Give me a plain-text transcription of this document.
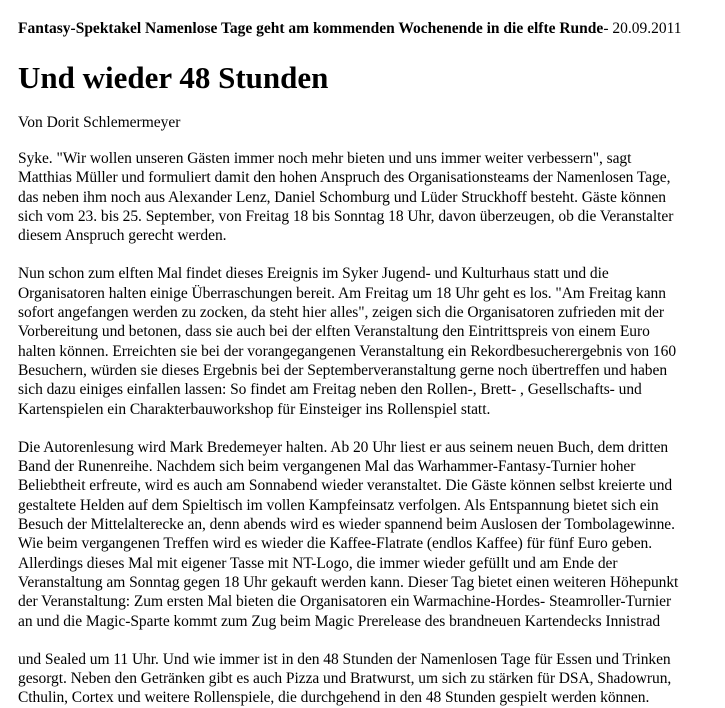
Fantasy-Spektakel Namenlose Tage geht am kommenden Wochenende in die elfte Runde- 20.09.2011

Und wieder 48 Stunden

Von Dorit Schlemermeyer

Syke. "Wir wollen unseren Gästen immer noch mehr bieten und uns immer weiter verbessern", sagt
Matthias Müller und formuliert damit den hohen Anspruch des Organisationsteams der Namenlosen Tage,
das neben ihm noch aus Alexander Lenz, Daniel Schomburg und Lüder Struckhoff besteht. Gäste können
sich vom 23. bis 25. September, von Freitag 18 bis Sonntag 18 Uhr, davon überzeugen, ob die Veranstalter
diesem Anspruch gerecht werden.

Nun schon zum elften Mal findet dieses Ereignis im Syker Jugend- und Kulturhaus statt und die
Organisatoren halten einige Überraschungen bereit. Am Freitag um 18 Uhr geht es los. "Am Freitag kann
sofort angefangen werden zu zocken, da steht hier alles", zeigen sich die Organisatoren zufrieden mit der
Vorbereitung und betonen, dass sie auch bei der elften Veranstaltung den Eintrittspreis von einem Euro
halten können. Erreichten sie bei der vorangegangenen Veranstaltung ein Rekordbesucherergebnis von 160
Besuchern, würden sie dieses Ergebnis bei der Septemberveranstaltung gerne noch übertreffen und haben
sich dazu einiges einfallen lassen: So findet am Freitag neben den Rollen-, Brett- , Gesellschafts- und
Kartenspielen ein Charakterbauworkshop für Einsteiger ins Rollenspiel statt.

Die Autorenlesung wird Mark Bredemeyer halten. Ab 20 Uhr liest er aus seinem neuen Buch, dem dritten
Band der Runenreihe. Nachdem sich beim vergangenen Mal das Warhammer-Fantasy-Turnier hoher
Beliebtheit erfreute, wird es auch am Sonnabend wieder veranstaltet. Die Gäste können selbst kreierte und
gestaltete Helden auf dem Spieltisch im vollen Kampfeinsatz verfolgen. Als Entspannung bietet sich ein
Besuch der Mittelalterecke an, denn abends wird es wieder spannend beim Auslosen der Tombolagewinne.
Wie beim vergangenen Treffen wird es wieder die Kaffee-Flatrate (endlos Kaffee) für fünf Euro geben.
Allerdings dieses Mal mit eigener Tasse mit NT-Logo, die immer wieder gefüllt und am Ende der
Veranstaltung am Sonntag gegen 18 Uhr gekauft werden kann. Dieser Tag bietet einen weiteren Höhepunkt
der Veranstaltung: Zum ersten Mal bieten die Organisatoren ein Warmachine-Hordes- Steamroller-Turnier
an und die Magic-Sparte kommt zum Zug beim Magic Prerelease des brandneuen Kartendecks Innistrad

und Sealed um 11 Uhr. Und wie immer ist in den 48 Stunden der Namenlosen Tage für Essen und Trinken
gesorgt. Neben den Getränken gibt es auch Pizza und Bratwurst, um sich zu stärken für DSA, Shadowrun,
Cthulin, Cortex und weitere Rollenspiele, die durchgehend in den 48 Stunden gespielt werden können.
